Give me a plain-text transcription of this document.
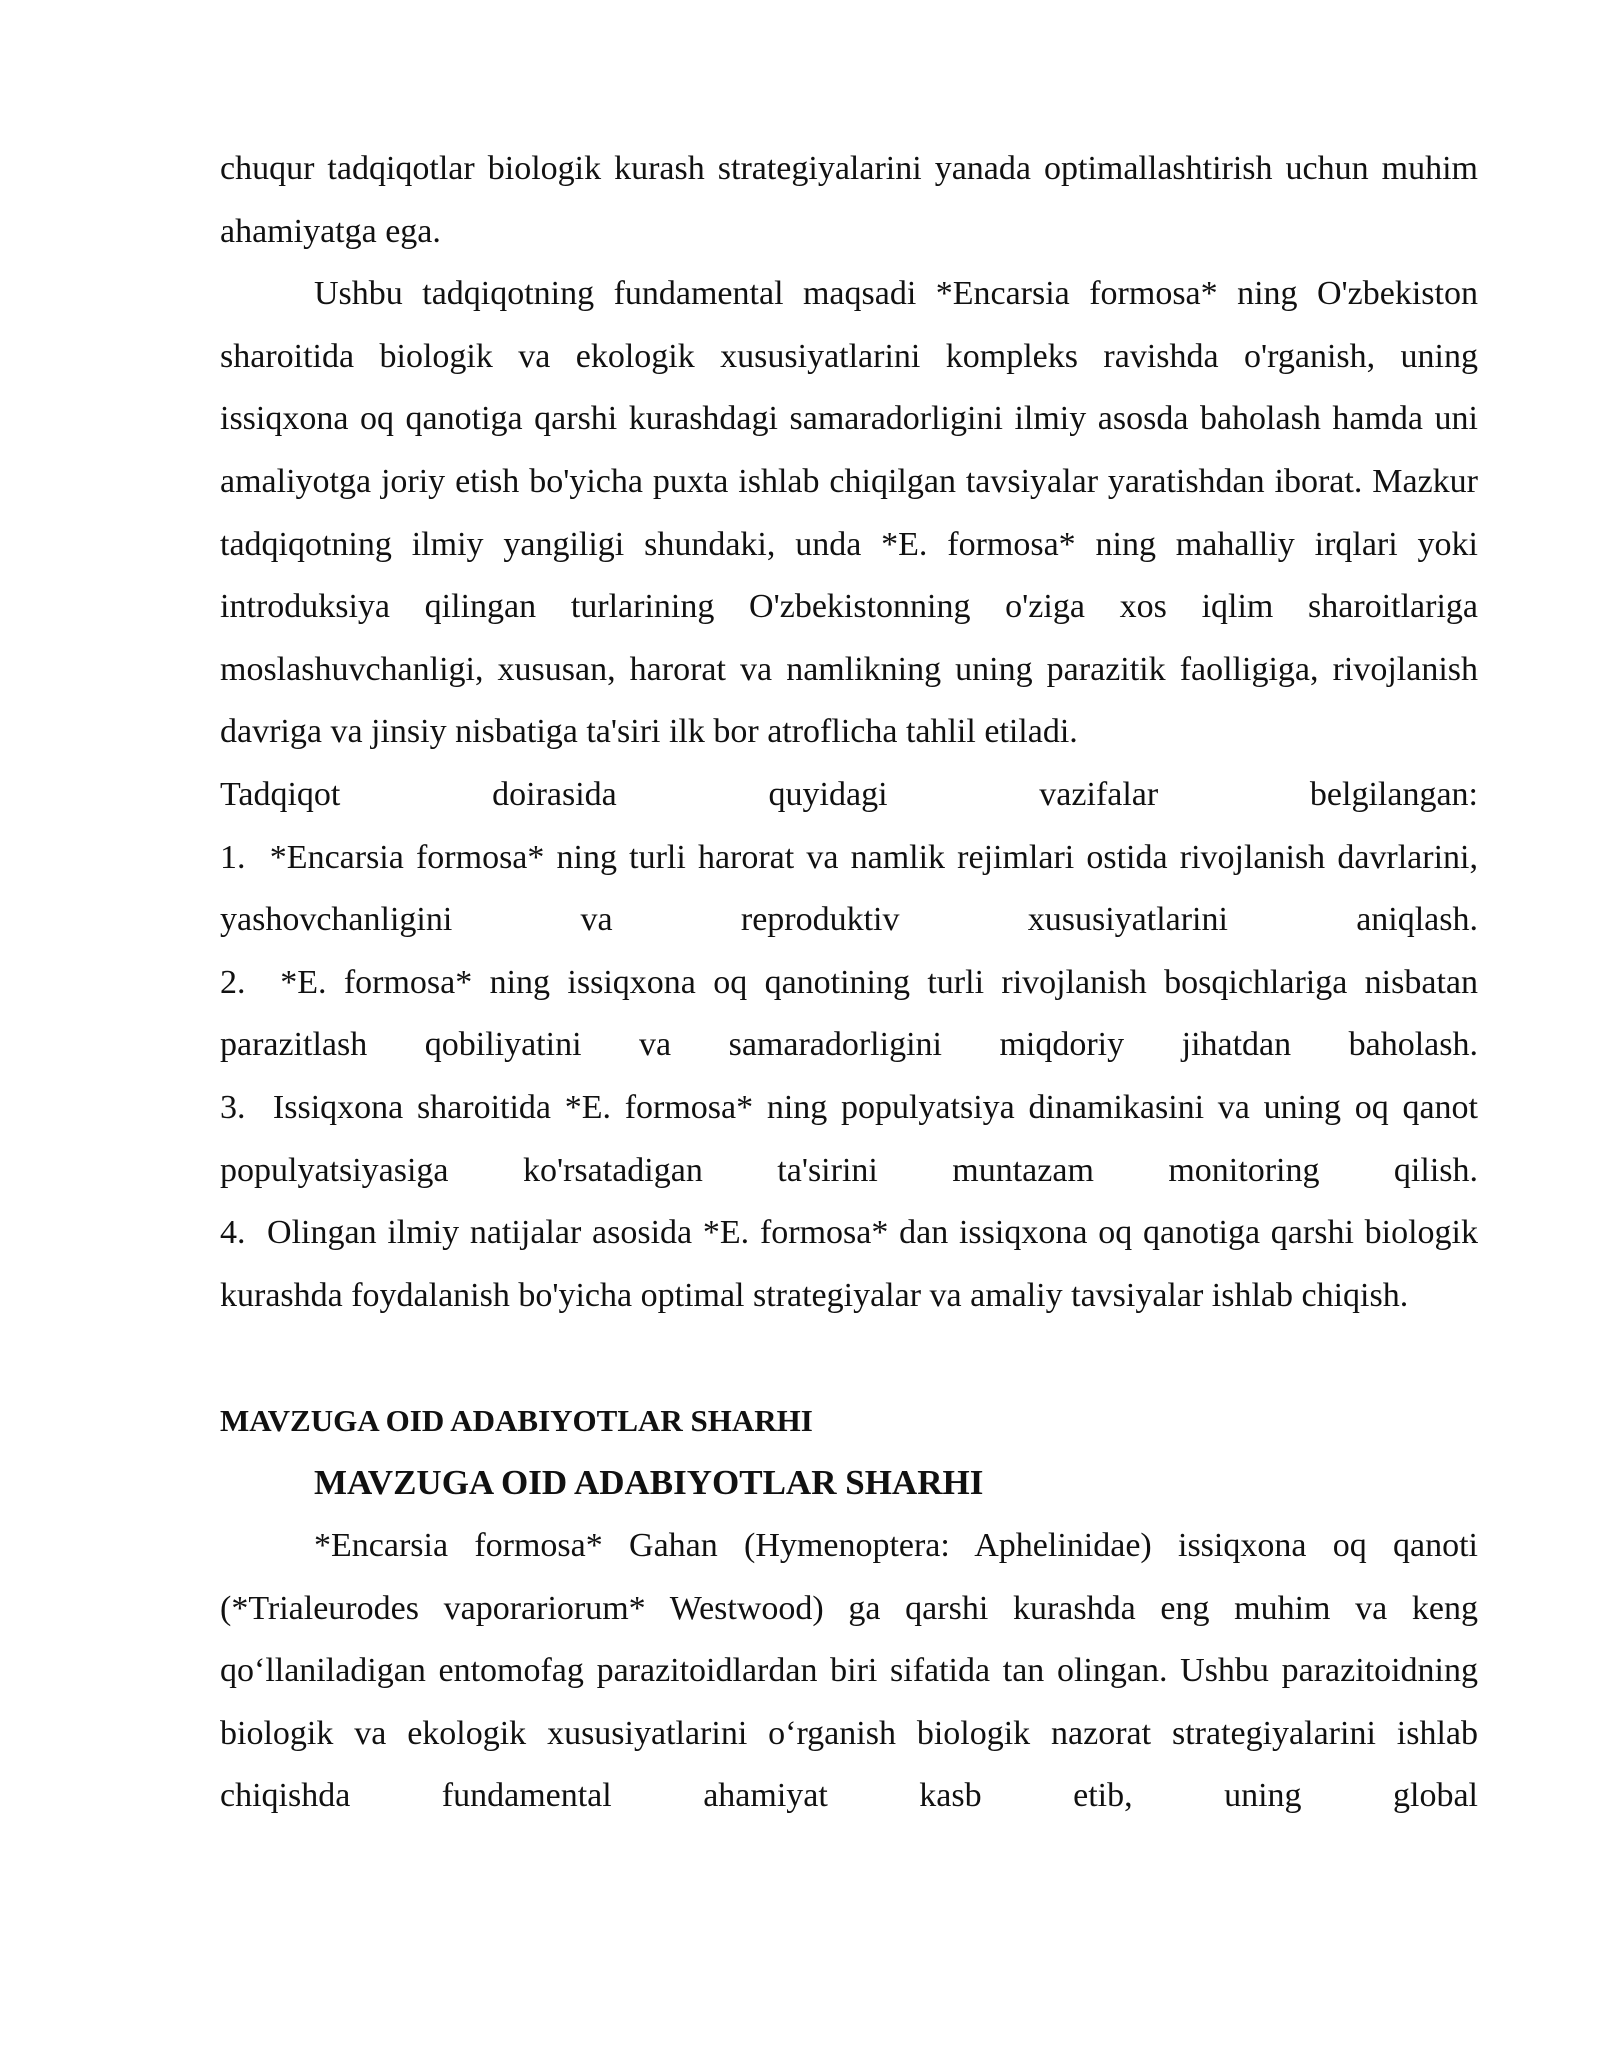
chuqur tadqiqotlar biologik kurash strategiyalarini yanada optimallashtirish uchun muhim ahamiyatga ega.

Ushbu tadqiqotning fundamental maqsadi *Encarsia formosa* ning O'zbekiston sharoitida biologik va ekologik xususiyatlarini kompleks ravishda o'rganish, uning issiqxona oq qanotiga qarshi kurashdagi samaradorligini ilmiy asosda baholash hamda uni amaliyotga joriy etish bo'yicha puxta ishlab chiqilgan tavsiyalar yaratishdan iborat. Mazkur tadqiqotning ilmiy yangiligi shundaki, unda *E. formosa* ning mahalliy irqlari yoki introduksiya qilingan turlarining O'zbekistonning o'ziga xos iqlim sharoitlariga moslashuvchanligi, xususan, harorat va namlikning uning parazitik faolligiga, rivojlanish davriga va jinsiy nisbatiga ta'siri ilk bor atroflicha tahlil etiladi.

Tadqiqot doirasida quyidagi vazifalar belgilangan:

1.  *Encarsia formosa* ning turli harorat va namlik rejimlari ostida rivojlanish davrlarini, yashovchanligini va reproduktiv xususiyatlarini aniqlash.

2.  *E. formosa* ning issiqxona oq qanotining turli rivojlanish bosqichlariga nisbatan parazitlash qobiliyatini va samaradorligini miqdoriy jihatdan baholash.

3.  Issiqxona sharoitida *E. formosa* ning populyatsiya dinamikasini va uning oq qanot populyatsiyasiga ko'rsatadigan ta'sirini muntazam monitoring qilish.

4.  Olingan ilmiy natijalar asosida *E. formosa* dan issiqxona oq qanotiga qarshi biologik kurashda foydalanish bo'yicha optimal strategiyalar va amaliy tavsiyalar ishlab chiqish.

MAVZUGA OID ADABIYOTLAR SHARHI
MAVZUGA OID ADABIYOTLAR SHARHI

*Encarsia formosa* Gahan (Hymenoptera: Aphelinidae) issiqxona oq qanoti (*Trialeurodes vaporariorum* Westwood) ga qarshi kurashda eng muhim va keng qo‘llaniladigan entomofag parazitoidlardan biri sifatida tan olingan. Ushbu parazitoidning biologik va ekologik xususiyatlarini o‘rganish biologik nazorat strategiyalarini ishlab chiqishda fundamental ahamiyat kasb etib, uning global
